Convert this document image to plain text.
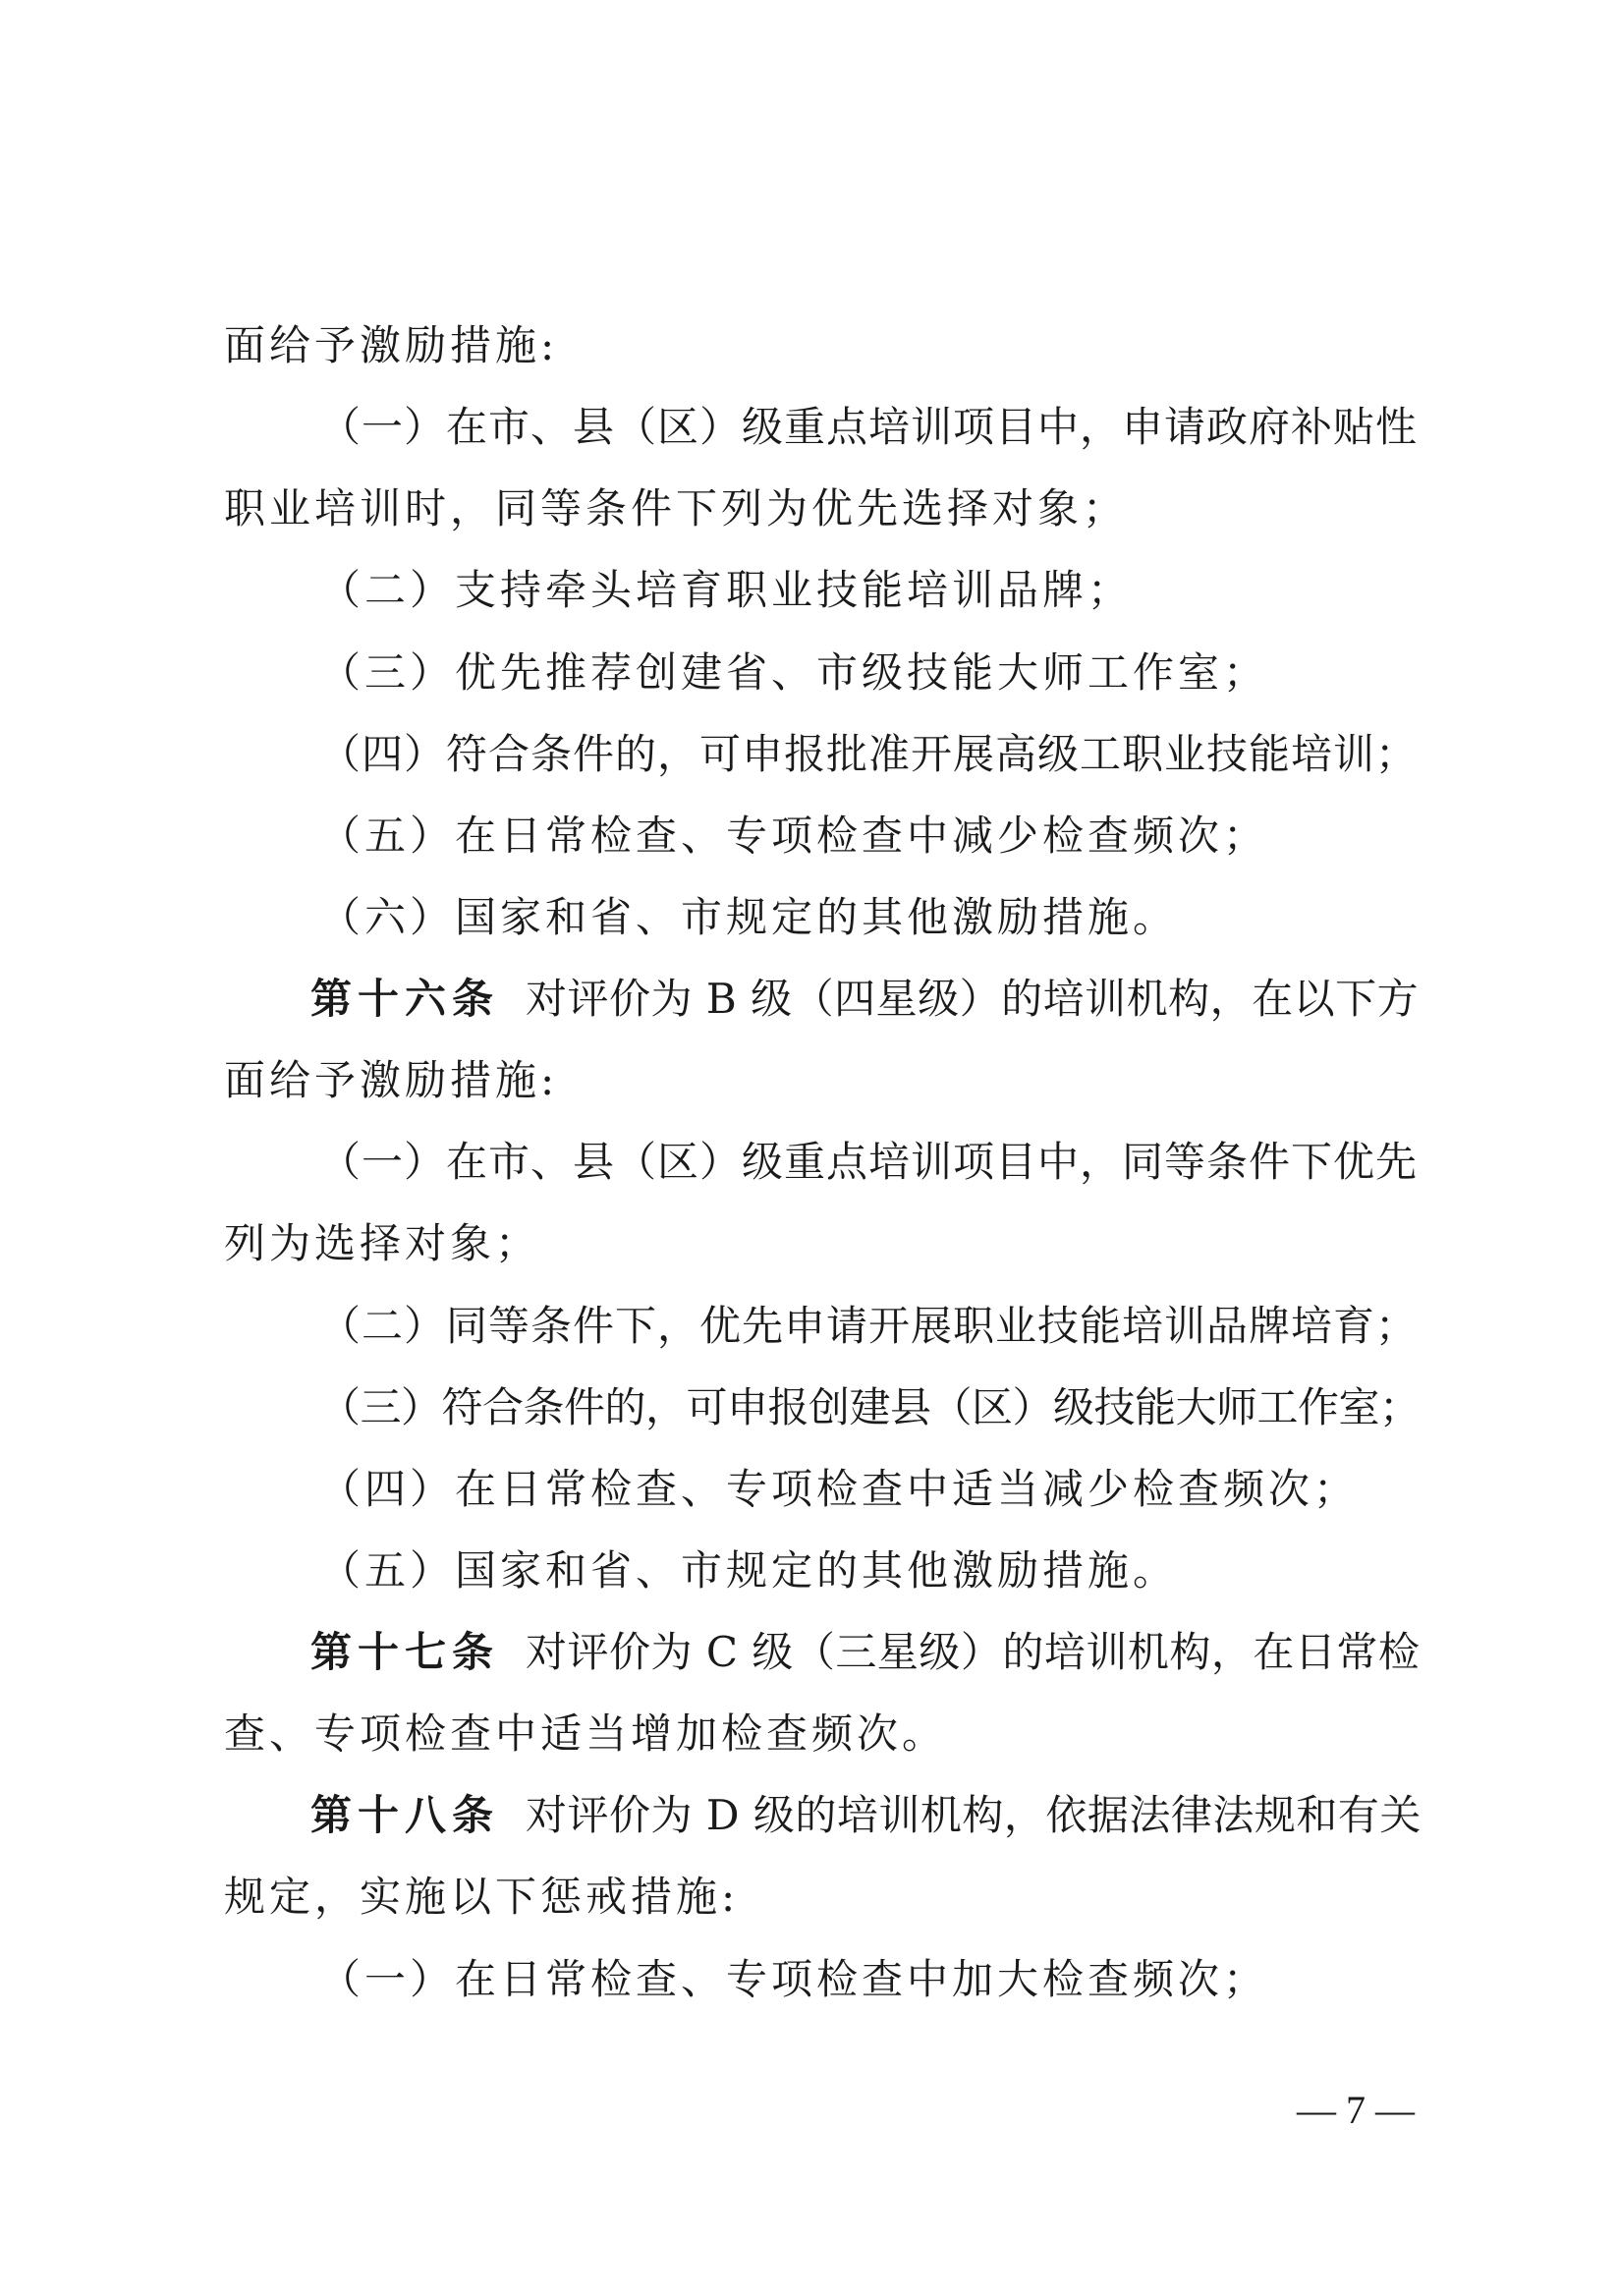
面给予激励措施:
（一）在市、县（区）级重点培训项目中，申请政府补贴性
职业培训时，同等条件下列为优先选择对象；
（二）支持牵头培育职业技能培训品牌；
（三）优先推荐创建省、市级技能大师工作室；
（四）符合条件的，可申报批准开展高级工职业技能培训；
（五）在日常检查、专项检查中减少检查频次；
（六）国家和省、市规定的其他激励措施。
第十六条 对评价为 B 级（四星级）的培训机构，在以下方
面给予激励措施:
（一）在市、县（区）级重点培训项目中，同等条件下优先
列为选择对象；
（二）同等条件下，优先申请开展职业技能培训品牌培育；
（三）符合条件的，可申报创建县（区）级技能大师工作室；
（四）在日常检查、专项检查中适当减少检查频次；
（五）国家和省、市规定的其他激励措施。
第十七条 对评价为 C 级（三星级）的培训机构，在日常检
查、专项检查中适当增加检查频次。
第十八条 对评价为 D 级的培训机构，依据法律法规和有关
规定，实施以下惩戒措施:
（一）在日常检查、专项检查中加大检查频次；
— 7 —
